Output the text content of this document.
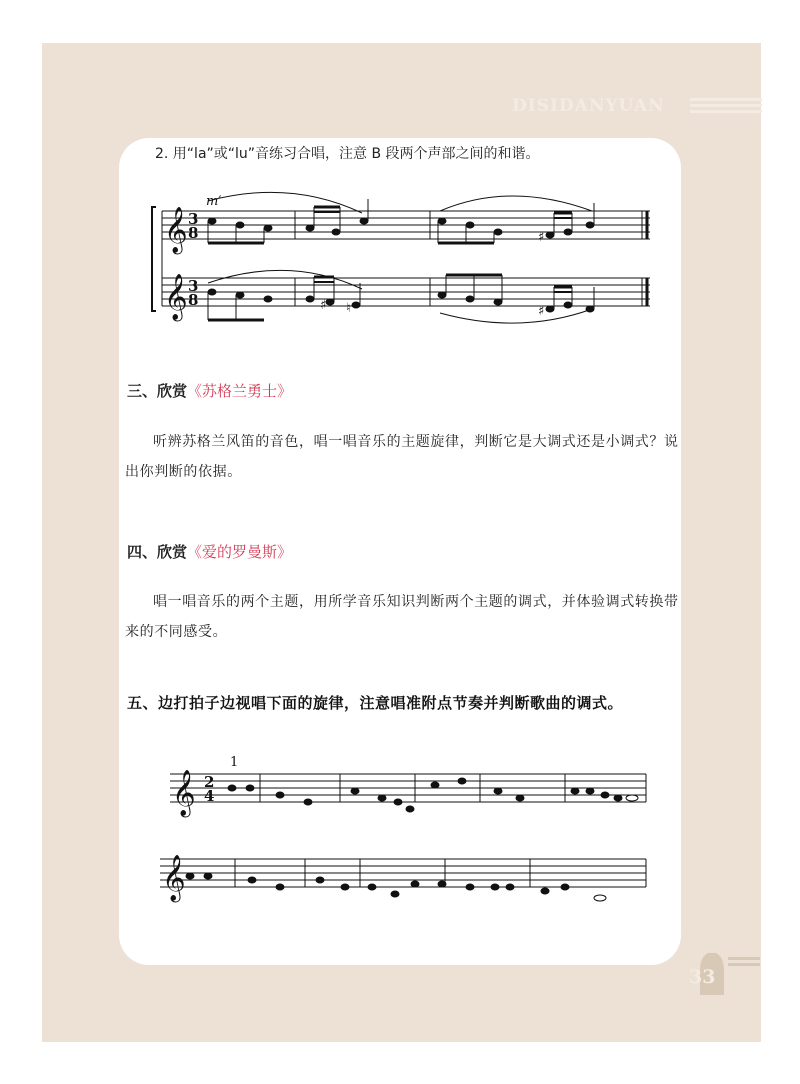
DISIDANYUAN
2. 用“la”或“lu”音练习合唱，注意 B 段两个声部之间的和谐。
m′
𝄞
𝄞
3
8
3
8
♯
♯ ♮	♯
三、欣赏《苏格兰勇士》
听辨苏格兰风笛的音色，唱一唱音乐的主题旋律，判断它是大调式还是小调式？说出你判断的依据。
四、欣赏《爱的罗曼斯》
唱一唱音乐的两个主题，用所学音乐知识判断两个主题的调式，并体验调式转换带来的不同感受。
五、边打拍子边视唱下面的旋律，注意唱准附点节奏并判断歌曲的调式。
1
𝄞
𝄞
2
4
33
